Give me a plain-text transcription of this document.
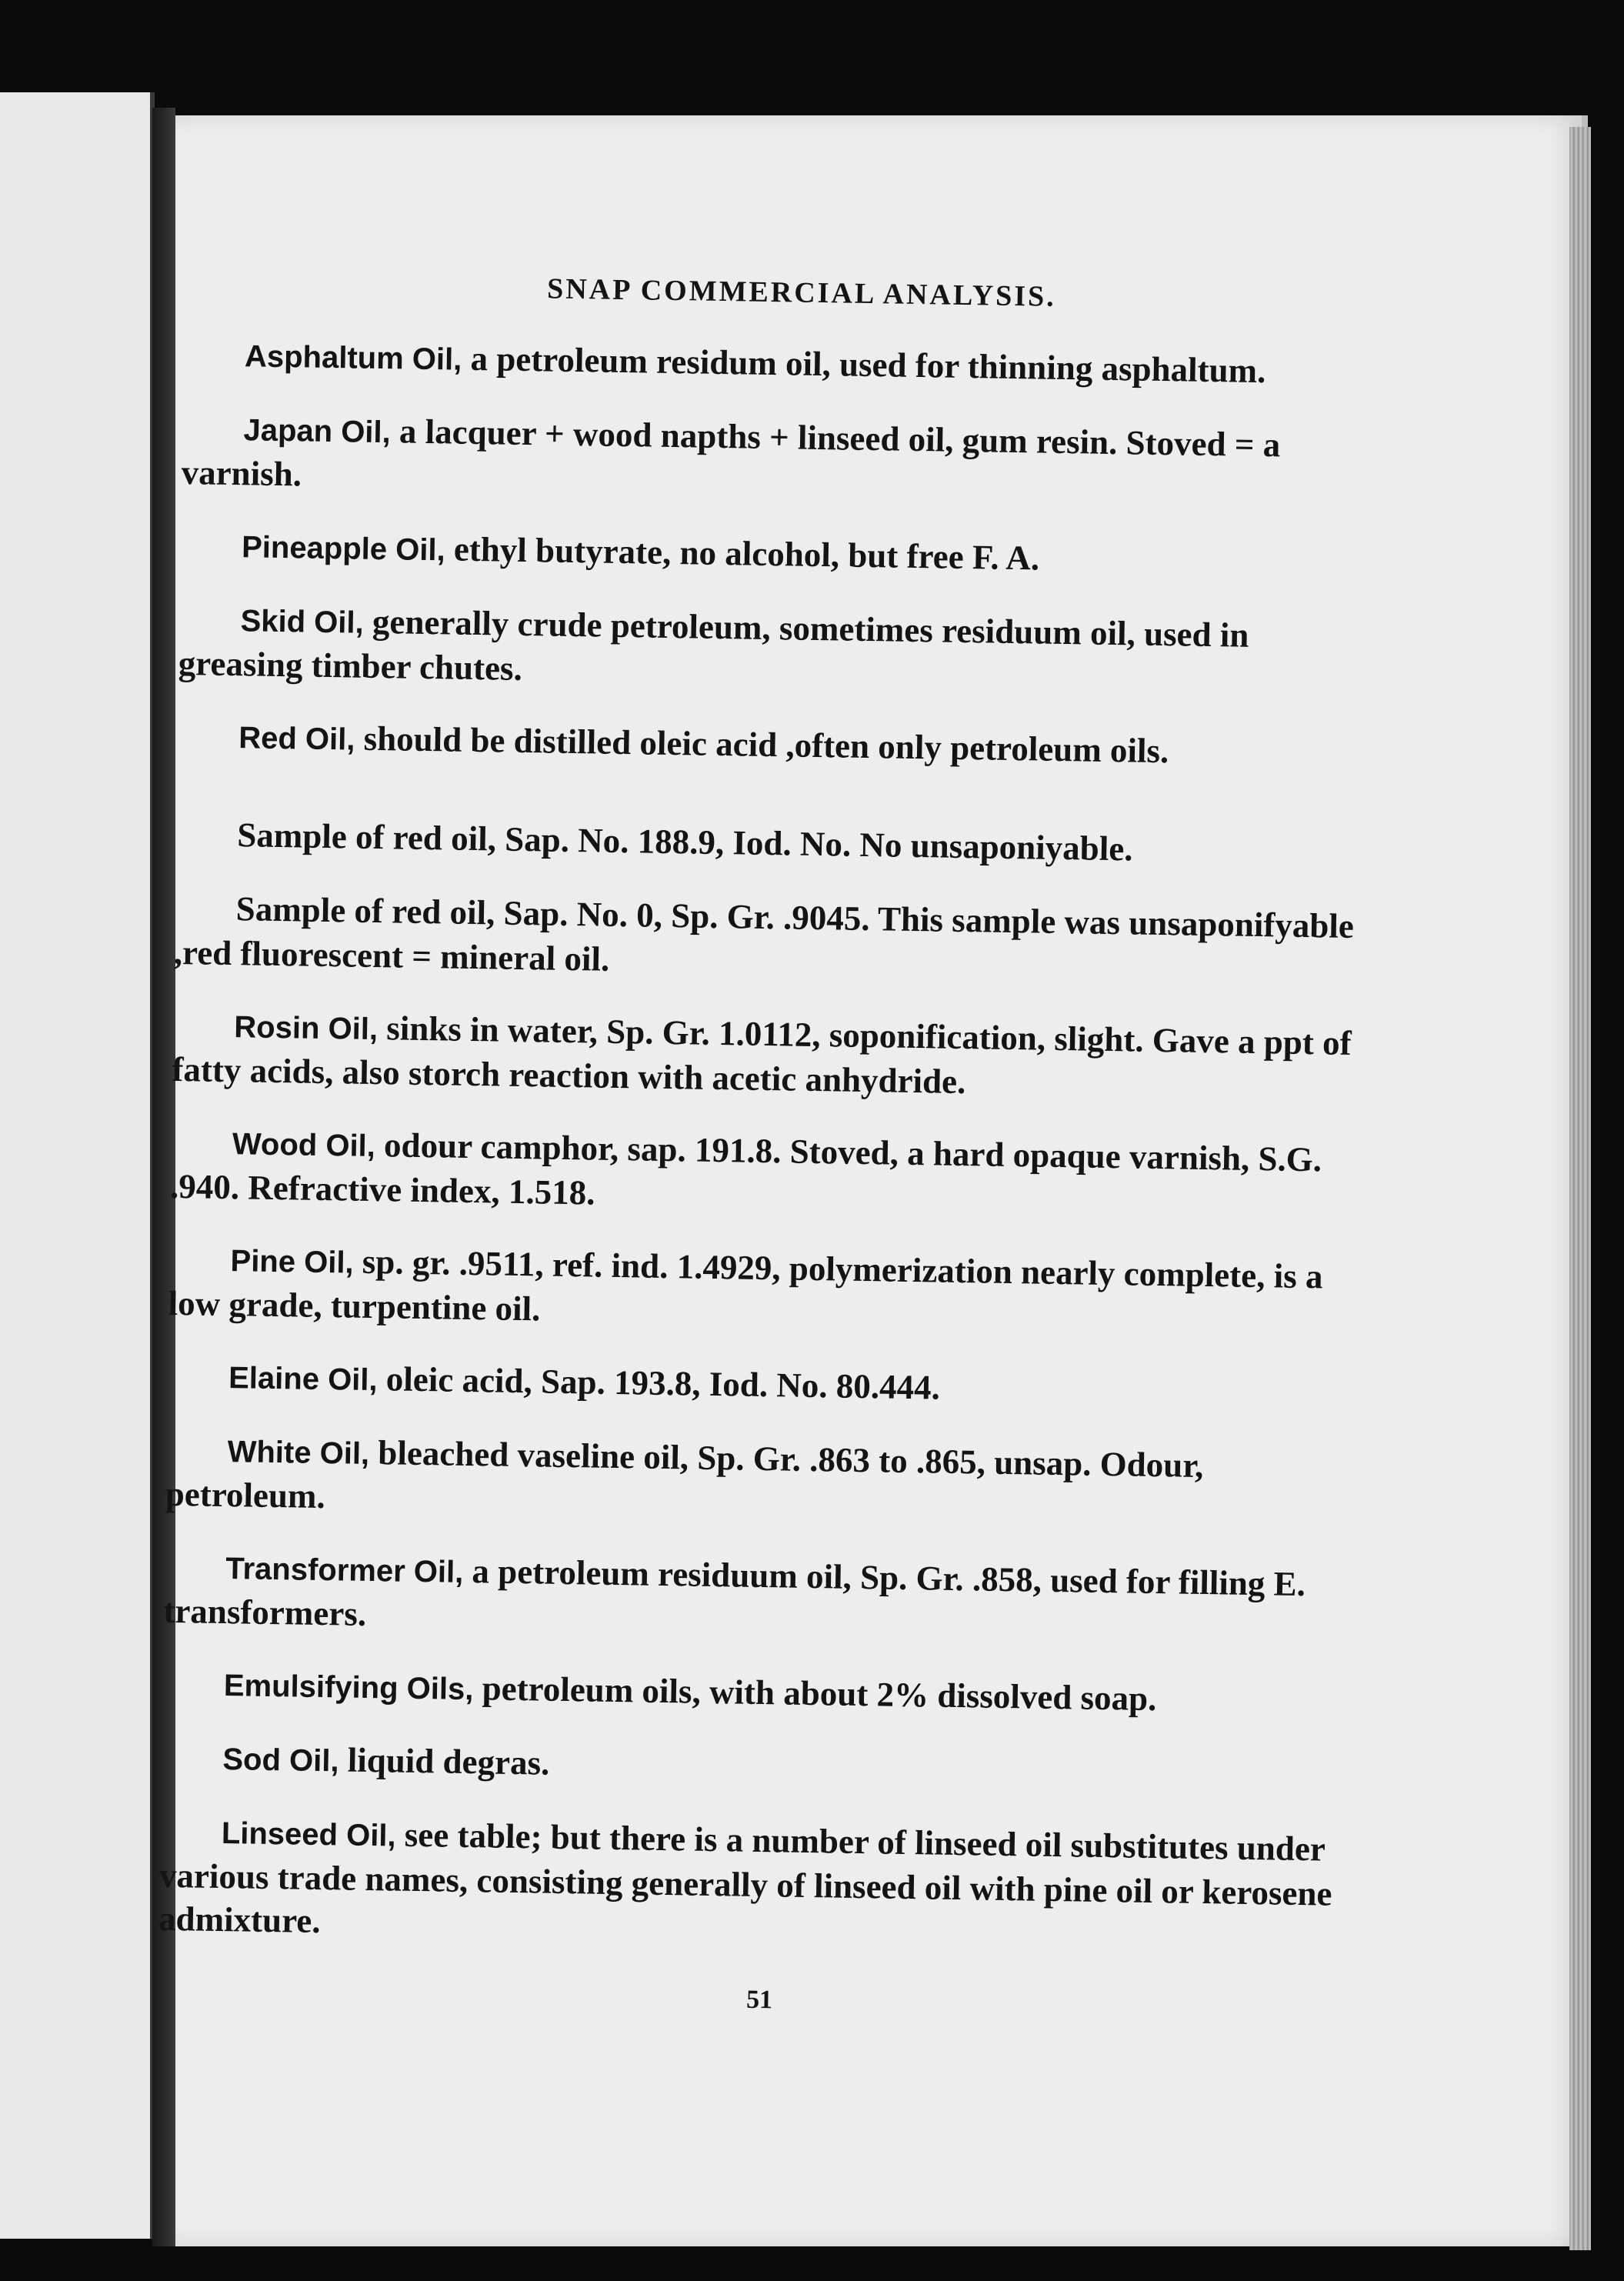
SNAP COMMERCIAL ANALYSIS.

Asphaltum Oil, a petroleum residum oil, used for thinning asphaltum.

Japan Oil, a lacquer + wood napths + linseed oil, gum resin. Stoved = a varnish.

Pineapple Oil, ethyl butyrate, no alcohol, but free F. A.

Skid Oil, generally crude petroleum, sometimes residuum oil, used in greasing timber chutes.

Red Oil, should be distilled oleic acid ,often only petroleum oils.

Sample of red oil, Sap. No. 188.9, Iod. No. No unsaponiyable.

Sample of red oil, Sap. No. 0, Sp. Gr. .9045. This sample was unsaponifyable ,red fluorescent = mineral oil.

Rosin Oil, sinks in water, Sp. Gr. 1.0112, soponification, slight. Gave a ppt of fatty acids, also storch reaction with acetic anhydride.

Wood Oil, odour camphor, sap. 191.8. Stoved, a hard opaque varnish, S.G. .940. Refractive index, 1.518.

Pine Oil, sp. gr. .9511, ref. ind. 1.4929, polymerization nearly complete, is a low grade, turpentine oil.

Elaine Oil, oleic acid, Sap. 193.8, Iod. No. 80.444.

White Oil, bleached vaseline oil, Sp. Gr. .863 to .865, unsap. Odour, petroleum.

Transformer Oil, a petroleum residuum oil, Sp. Gr. .858, used for filling E. transformers.

Emulsifying Oils, petroleum oils, with about 2% dissolved soap.

Sod Oil, liquid degras.

Linseed Oil, see table; but there is a number of linseed oil substitutes under various trade names, consisting generally of linseed oil with pine oil or kerosene admixture.

51
